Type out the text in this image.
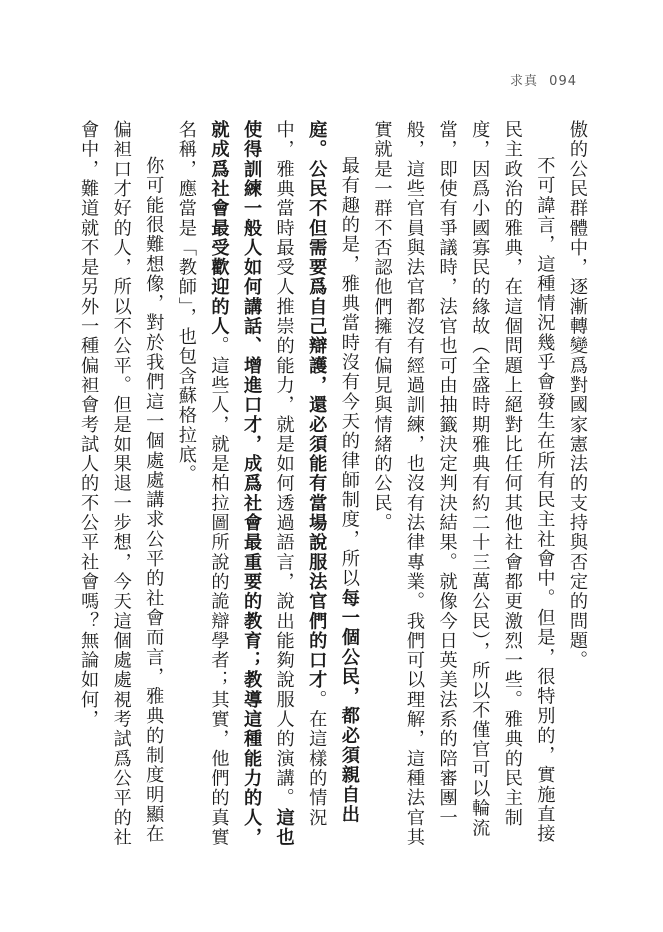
求真 094

傲的公民群體中，逐漸轉變爲對國家憲法的支持與否定的問題。

不可諱言，這種情況幾乎會發生在所有民主社會中。但是，很特別的，實施直接民主政治的雅典，在這個問題上絕對比任何其他社會都更激烈一些。雅典的民主制度，因爲小國寡民的緣故（全盛時期雅典有約二十三萬公民），所以不僅官可以輪流當，即使有爭議時，法官也可由抽籤決定判決結果。就像今日英美法系的陪審團一般，這些官員與法官都沒有經過訓練，也沒有法律專業。我們可以理解，這種法官其實就是一群不否認他們擁有偏見與情緒的公民。

最有趣的是，雅典當時沒有今天的律師制度，所以每一個公民，都必須親自出庭。公民不但需要爲自己辯護，還必須能有當場說服法官們的口才。在這樣的情況中，雅典當時最受人推崇的能力，就是如何透過語言，說出能夠說服人的演講。這也使得訓練一般人如何講話、增進口才，成爲社會最重要的教育；教導這種能力的人，就成爲社會最受歡迎的人。這些人，就是柏拉圖所說的詭辯學者；其實，他們的真實名稱，應當是「教師」，也包含蘇格拉底。

你可能很難想像，對於我們這一個處處講求公平的社會而言，雅典的制度明顯在偏袒口才好的人，所以不公平。但是如果退一步想，今天這個處處視考試爲公平的社會中，難道就不是另外一種偏袒會考試人的不公平社會嗎？無論如何，
